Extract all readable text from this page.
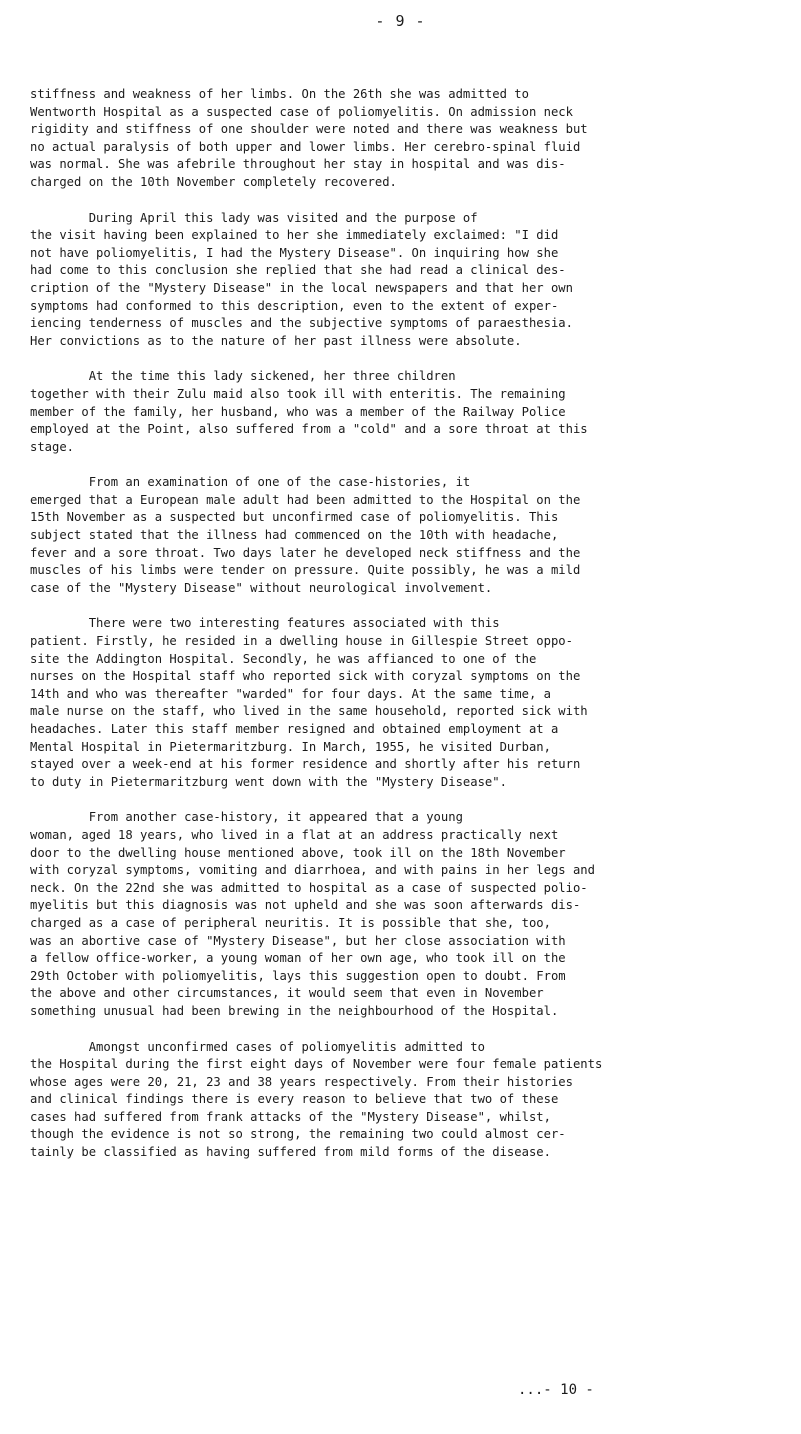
- 9 -
stiffness and weakness of her limbs. On the 26th she was admitted to
Wentworth Hospital as a suspected case of poliomyelitis. On admission neck
rigidity and stiffness of one shoulder were noted and there was weakness but
no actual paralysis of both upper and lower limbs. Her cerebro-spinal fluid
was normal. She was afebrile throughout her stay in hospital and was dis-
charged on the 10th November completely recovered.
During April this lady was visited and the purpose of
the visit having been explained to her she immediately exclaimed: "I did
not have poliomyelitis, I had the Mystery Disease". On inquiring how she
had come to this conclusion she replied that she had read a clinical des-
cription of the "Mystery Disease" in the local newspapers and that her own
symptoms had conformed to this description, even to the extent of exper-
iencing tenderness of muscles and the subjective symptoms of paraesthesia.
Her convictions as to the nature of her past illness were absolute.
At the time this lady sickened, her three children
together with their Zulu maid also took ill with enteritis. The remaining
member of the family, her husband, who was a member of the Railway Police
employed at the Point, also suffered from a "cold" and a sore throat at this
stage.
From an examination of one of the case-histories, it
emerged that a European male adult had been admitted to the Hospital on the
15th November as a suspected but unconfirmed case of poliomyelitis. This
subject stated that the illness had commenced on the 10th with headache,
fever and a sore throat. Two days later he developed neck stiffness and the
muscles of his limbs were tender on pressure. Quite possibly, he was a mild
case of the "Mystery Disease" without neurological involvement.
There were two interesting features associated with this
patient. Firstly, he resided in a dwelling house in Gillespie Street oppo-
site the Addington Hospital. Secondly, he was affianced to one of the
nurses on the Hospital staff who reported sick with coryzal symptoms on the
14th and who was thereafter "warded" for four days. At the same time, a
male nurse on the staff, who lived in the same household, reported sick with
headaches. Later this staff member resigned and obtained employment at a
Mental Hospital in Pietermaritzburg. In March, 1955, he visited Durban,
stayed over a week-end at his former residence and shortly after his return
to duty in Pietermaritzburg went down with the "Mystery Disease".
From another case-history, it appeared that a young
woman, aged 18 years, who lived in a flat at an address practically next
door to the dwelling house mentioned above, took ill on the 18th November
with coryzal symptoms, vomiting and diarrhoea, and with pains in her legs and
neck. On the 22nd she was admitted to hospital as a case of suspected polio-
myelitis but this diagnosis was not upheld and she was soon afterwards dis-
charged as a case of peripheral neuritis. It is possible that she, too,
was an abortive case of "Mystery Disease", but her close association with
a fellow office-worker, a young woman of her own age, who took ill on the
29th October with poliomyelitis, lays this suggestion open to doubt. From
the above and other circumstances, it would seem that even in November
something unusual had been brewing in the neighbourhood of the Hospital.
Amongst unconfirmed cases of poliomyelitis admitted to
the Hospital during the first eight days of November were four female patients
whose ages were 20, 21, 23 and 38 years respectively. From their histories
and clinical findings there is every reason to believe that two of these
cases had suffered from frank attacks of the "Mystery Disease", whilst,
though the evidence is not so strong, the remaining two could almost cer-
tainly be classified as having suffered from mild forms of the disease.
...- 10 -
